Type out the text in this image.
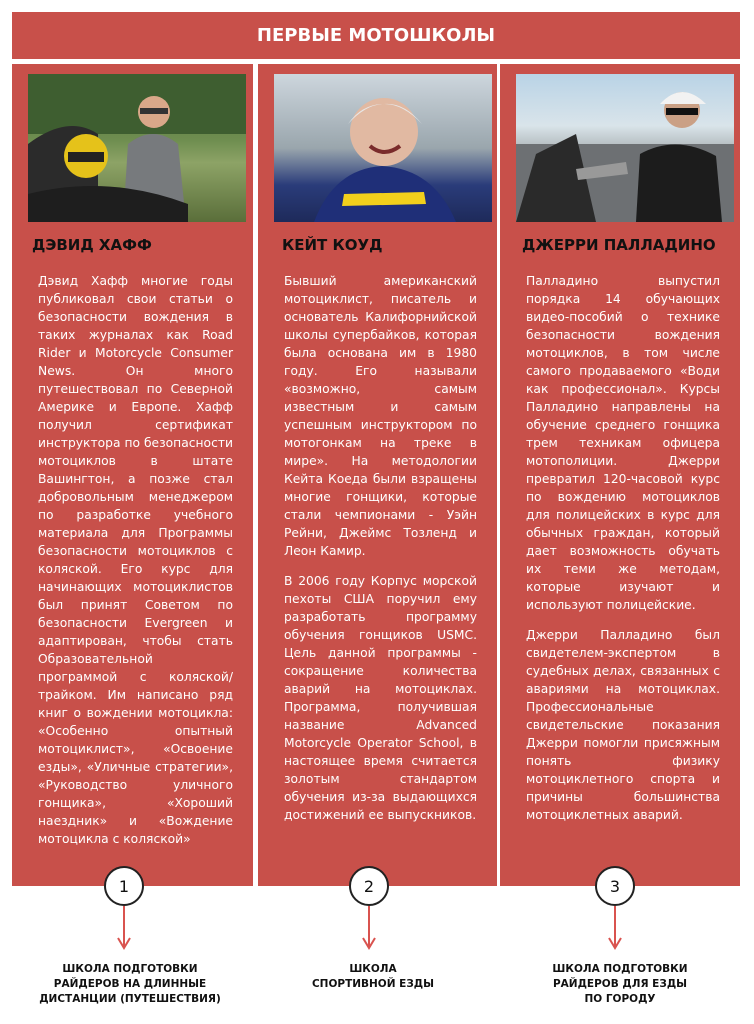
ПЕРВЫЕ МОТОШКОЛЫ
ДЭВИД ХАФФ
Дэвид Хафф многие годы публиковал свои статьи о безопасности вождения в таких журналах как Road Rider и Motorcycle Consumer News. Он много путешествовал по Северной Америке и Европе. Хафф получил сертификат инструктора по безопасности мотоциклов в штате Вашингтон, а позже стал добровольным менеджером по разработке учебного материала для Программы безопасности мотоциклов с коляской. Его курс для начинающих мотоциклистов был принят Советом по безопасности Evergreen и адаптирован, чтобы стать Образовательной программой с коляской/ трайком. Им написано ряд книг о вождении мотоцикла: «Особенно опытный мотоциклист», «Освоение езды», «Уличные стратегии», «Руководство уличного гонщика», «Хороший наездник» и «Вождение мотоцикла с коляской»
КЕЙТ КОУД
Бывший американский мотоциклист, писатель и основатель Калифорнийской школы супербайков, которая была основана им в 1980 году. Его называли «возможно, самым известным и самым успешным инструктором по мотогонкам на треке в мире». На методологии Кейта Коеда были взращены многие гонщики, которые стали чемпионами - Уэйн Рейни, Джеймс Тозленд и Леон Камир.
В 2006 году Корпус морской пехоты США поручил ему разработать программу обучения гонщиков USMC. Цель данной программы - сокращение количества аварий на мотоциклах. Программа, получившая название Advanced Motorcycle Operator School, в настоящее время считается золотым стандартом обучения из-за выдающихся достижений ее выпускников.
ДЖЕРРИ ПАЛЛАДИНО
Палладино выпустил порядка 14 обучающих видео-пособий о технике безопасности вождения мотоциклов, в том числе самого продаваемого «Води как профессионал». Курсы Палладино направлены на обучение среднего гонщика трем техникам офицера мотополиции. Джерри превратил 120-часовой курс по вождению мотоциклов для полицейских в курс для обычных граждан, который дает возможность обучать их теми же методам, которые изучают и используют полицейские.
Джерри Палладино был свидетелем-экспертом в судебных делах, связанных с авариями на мотоциклах. Профессиональные свидетельские показания Джерри помогли присяжным понять физику мотоциклетного спорта и причины большинства мотоциклетных аварий.
1	2	3
ШКОЛА ПОДГОТОВКИ
РАЙДЕРОВ НА ДЛИННЫЕ
ДИСТАНЦИИ (ПУТЕШЕСТВИЯ)
ШКОЛА
СПОРТИВНОЙ ЕЗДЫ
ШКОЛА ПОДГОТОВКИ
РАЙДЕРОВ ДЛЯ ЕЗДЫ
ПО ГОРОДУ
